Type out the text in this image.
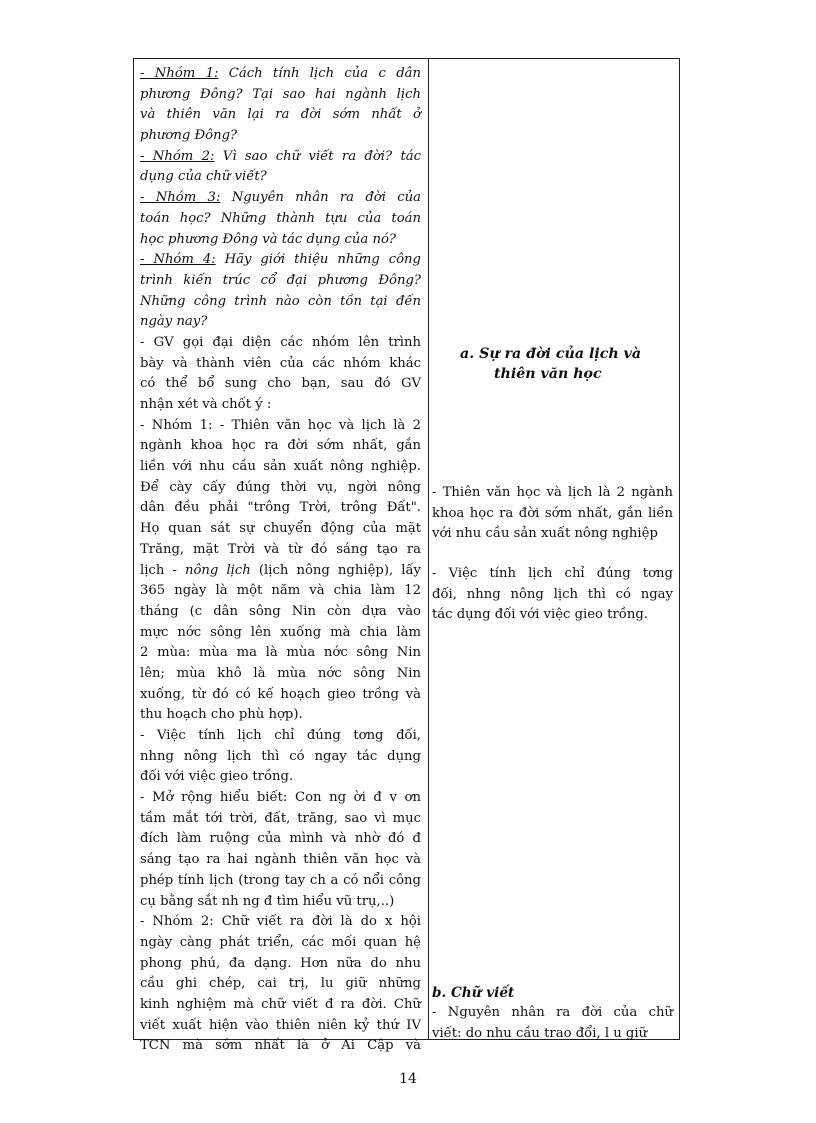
- Nhóm 1: Cách tính lịch của c dân
phương Đông? Tại sao hai ngành lịch
và thiên văn lại ra đời sớm nhất ở
phương Đông?
- Nhóm 2: Vì sao chữ viết ra đời? tác
dụng của chữ viết?
- Nhóm 3: Nguyên nhân ra đời của
toán học? Những thành tựu của toán
học phương Đông và tác dụng của nó?
- Nhóm 4: Hãy giới thiệu những công
trình kiến trúc cổ đại phương Đông?
Những công trình nào còn tồn tại đến
ngày nay?
- GV gọi đại diện các nhóm lên trình
bày và thành viên của các nhóm khác
có thể bổ sung cho bạn, sau đó GV
nhận xét và chốt ý :
- Nhóm 1: - Thiên văn học và lịch là 2
ngành khoa học ra đời sớm nhất, gắn
liền với nhu cầu sản xuất nông nghiệp.
Để cày cấy đúng thời vụ, ngời nông
dân đều phải "trông Trời, trông Đất".
Họ quan sát sự chuyển động của mặt
Trăng, mặt Trời và từ đó sáng tạo ra
lịch - nông lịch (lịch nông nghiệp), lấy
365 ngày là một năm và chia làm 12
tháng (c dân sông Nin còn dựa vào
mực nớc sông lên xuống mà chia làm
2 mùa: mùa ma là mùa nớc sông Nin
lên; mùa khô là mùa nớc sông Nin
xuống, từ đó có kế hoạch gieo trồng và
thu hoạch cho phù hợp).
- Việc tính lịch chỉ đúng tơng đối,
nhng nông lịch thì có ngay tác dụng
đối với việc gieo trồng.
- Mở rộng hiểu biết: Con ng ời đ v ơn
tầm mắt tới trời, đất, trăng, sao vì mục
đích làm ruộng của mình và nhờ đó đ
sáng tạo ra hai ngành thiên văn học và
phép tính lịch (trong tay ch a có nổi công
cụ bằng sắt nh ng đ tìm hiểu vũ trụ,..)
- Nhóm 2: Chữ viết ra đời là do x hội
ngày càng phát triển, các mối quan hệ
phong phú, đa dạng. Hơn nữa do nhu
cầu ghi chép, cai trị, lu giữ những
kinh nghiệm mà chữ viết đ ra đời. Chữ
viết xuất hiện vào thiên niên kỷ thứ IV
TCN mà sớm nhất là ở Ai Cập và
a. Sự ra đời của lịch và
thiên văn học
- Thiên văn học và lịch là 2 ngành
khoa học ra đời sớm nhất, gắn liền
với nhu cầu sản xuất nông nghiệp
- Việc tính lịch chỉ đúng tơng
đối, nhng nông lịch thì có ngay
tác dụng đối với việc gieo trồng.
b. Chữ viết
- Nguyên nhân ra đời của chữ
viết: do nhu cầu trao đổi, l u giữ
14
